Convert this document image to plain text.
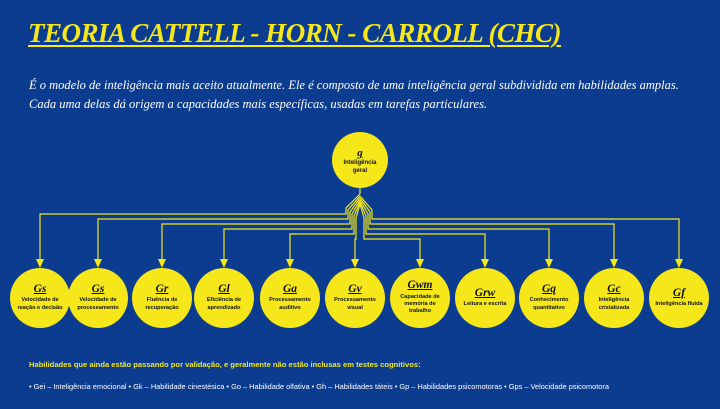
TEORIA CATTELL - HORN - CARROLL (CHC)
É o modelo de inteligência mais aceito atualmente. Ele é composto de uma inteligência geral subdividida em habilidades amplas. Cada uma delas dá origem a capacidades mais específicas, usadas em tarefas particulares.
g
Inteligência geral
Gs
Velocidade de reação e decisão
Gs
Velocidade de processamento
Gr
Fluência de recuperação
Gl
Eficiência de aprendizado
Ga
Processamento auditivo
Gv
Processamento visual
Gwm
Capacidade de memória de trabalho
Grw
Leitura e escrita
Gq
Conhecimento quantitativo
Gc
Inteligência cristalizada
Gf
Inteligência fluida
Habilidades que ainda estão passando por validação, e geralmente não estão inclusas em testes cognitivos:
• Gei – Inteligência emocional • Gk – Habilidade cinestésica • Go – Habilidade olfativa • Gh – Habilidades táteis • Gp – Habilidades psicomotoras • Gps – Velocidade psicomotora
